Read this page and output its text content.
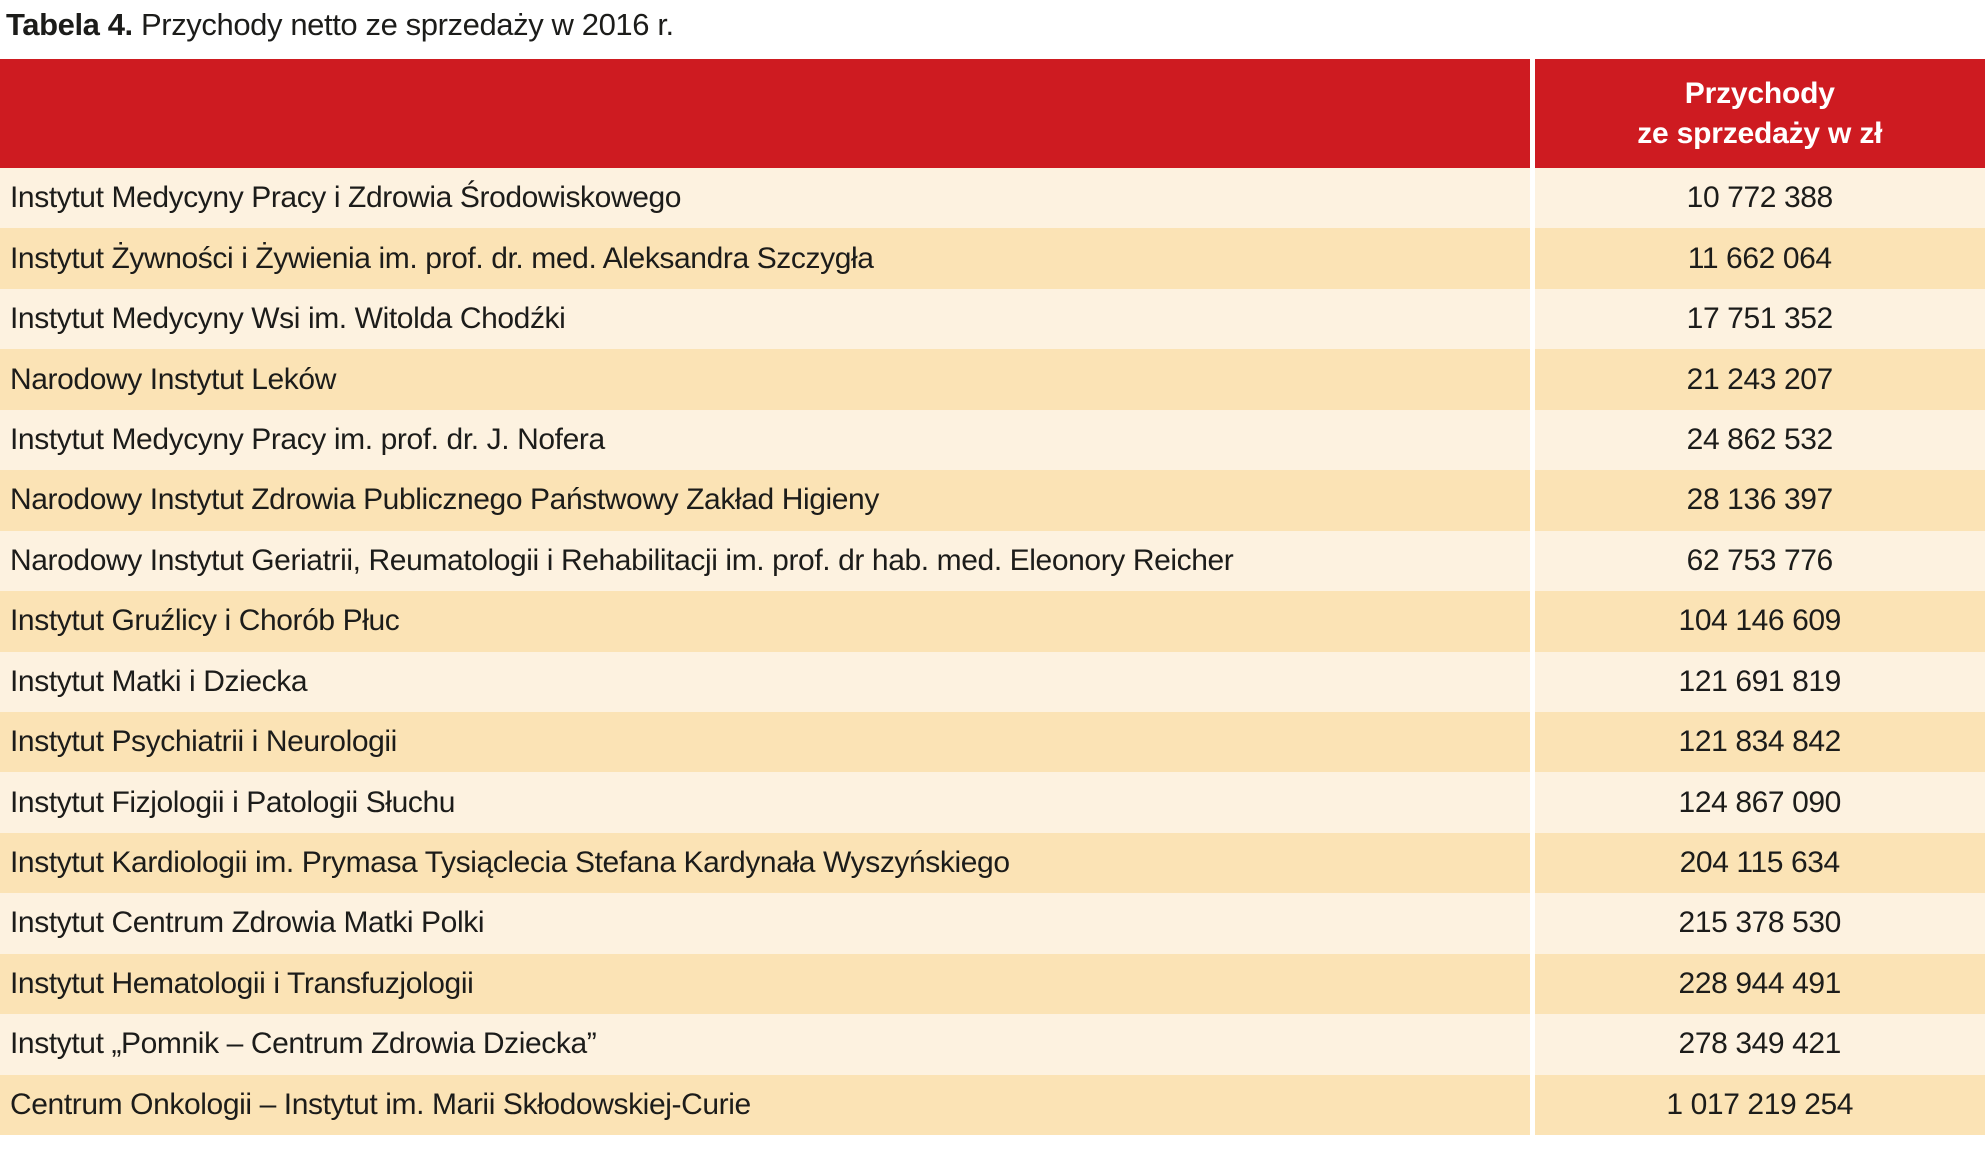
Tabela 4. Przychody netto ze sprzedaży w 2016 r.
	Przychody
ze sprzedaży w zł
Instytut Medycyny Pracy i Zdrowia Środowiskowego	10 772 388
Instytut Żywności i Żywienia im. prof. dr. med. Aleksandra Szczygła	11 662 064
Instytut Medycyny Wsi im. Witolda Chodźki	17 751 352
Narodowy Instytut Leków	21 243 207
Instytut Medycyny Pracy im. prof. dr. J. Nofera	24 862 532
Narodowy Instytut Zdrowia Publicznego Państwowy Zakład Higieny	28 136 397
Narodowy Instytut Geriatrii, Reumatologii i Rehabilitacji im. prof. dr hab. med. Eleonory Reicher	62 753 776
Instytut Gruźlicy i Chorób Płuc	104 146 609
Instytut Matki i Dziecka	121 691 819
Instytut Psychiatrii i Neurologii	121 834 842
Instytut Fizjologii i Patologii Słuchu	124 867 090
Instytut Kardiologii im. Prymasa Tysiąclecia Stefana Kardynała Wyszyńskiego	204 115 634
Instytut Centrum Zdrowia Matki Polki	215 378 530
Instytut Hematologii i Transfuzjologii	228 944 491
Instytut „Pomnik – Centrum Zdrowia Dziecka”	278 349 421
Centrum Onkologii – Instytut im. Marii Skłodowskiej-Curie	1 017 219 254
